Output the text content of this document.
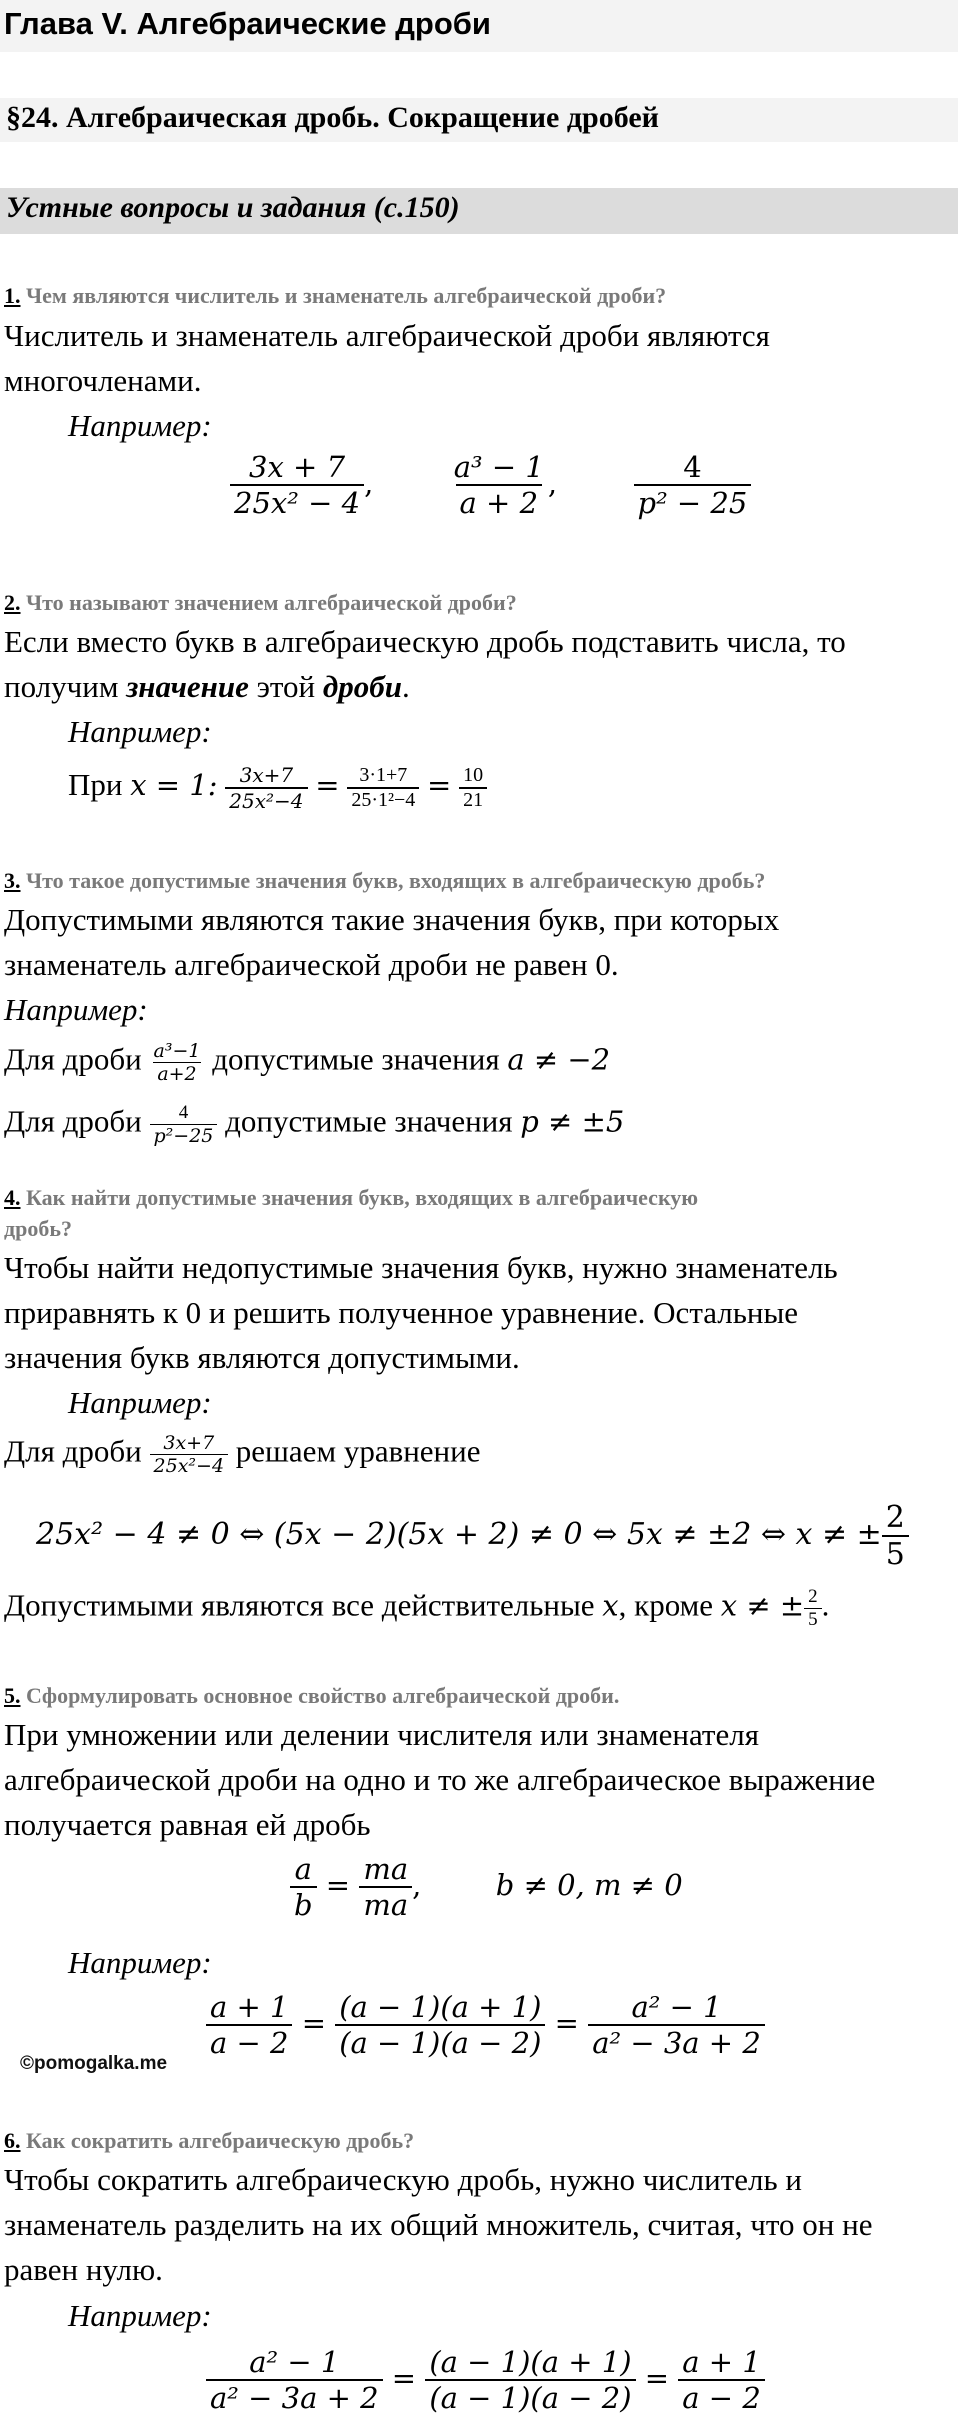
Глава V. Алгебраические дроби
§24. Алгебраическая дробь. Сокращение дробей
Устные вопросы и задания (с.150)
1. Чем являются числитель и знаменатель алгебраической дроби?
Числитель и знаменатель алгебраической дроби являются
многочленами.
Например:
$\frac{3x + 7}{\text{25x² − 4}}$ ,	$\frac{\text{a³ − 1}}{a + 2}$ ,	$\frac{4}{\text{p² − 25}}$
2. Что называют значением алгебраической дроби?
Если вместо букв в алгебраическую дробь подставить числа, то
получим значение этой дроби.
Например:
При x = 1: $\frac{3x+7}{\text{25x²−4}} = \frac{3\cdot 1+7}{\text{25·1²−4}} = \frac{10}{21}$
3. Что такое допустимые значения букв, входящих в алгебраическую дробь?
Допустимыми являются такие значения букв, при которых
знаменатель алгебраической дроби не равен 0.
Например:
Для дроби $\frac{\text{a³−1}}{a+2}$ допустимые значения a ≠ −2
Для дроби $\frac{4}{\text{p²−25}}$ допустимые значения p ≠ ±5
4. Как найти допустимые значения букв, входящих в алгебраическую
дробь?
Чтобы найти недопустимые значения букв, нужно знаменатель
приравнять к 0 и решить полученное уравнение. Остальные
значения букв являются допустимыми.
Например:
Для дроби $\frac{3x+7}{\text{25x²−4}}$ решаем уравнение
25x² − 4 ≠ 0 ⇔ (5x − 2)(5x + 2) ≠ 0 ⇔ 5x ≠ ±2 ⇔ x ≠ ± $\frac{2}{5}$
Допустимыми являются все действительные x, кроме x ≠ ± $\frac{2}{5}$ .
5. Сформулировать основное свойство алгебраической дроби.
При умножении или делении числителя или знаменателя
алгебраической дроби на одно и то же алгебраическое выражение
получается равная ей дробь
$\frac{a}{b} = \frac{ma}{ma}$ ,	b ≠ 0, m ≠ 0
Например:
$\frac{a + 1}{a - 2} = \frac{(a - 1)(a + 1)}{(a - 1)(a - 2)} = \frac{\text{a² − 1}}{\text{a² − 3a + 2}}$
©pomogalka.me
6. Как сократить алгебраическую дробь?
Чтобы сократить алгебраическую дробь, нужно числитель и
знаменатель разделить на их общий множитель, считая, что он не
равен нулю.
Например:
$\frac{\text{a² − 1}}{\text{a² − 3a + 2}} = \frac{(a - 1)(a + 1)}{(a - 1)(a - 2)} = \frac{a + 1}{a - 2}$
